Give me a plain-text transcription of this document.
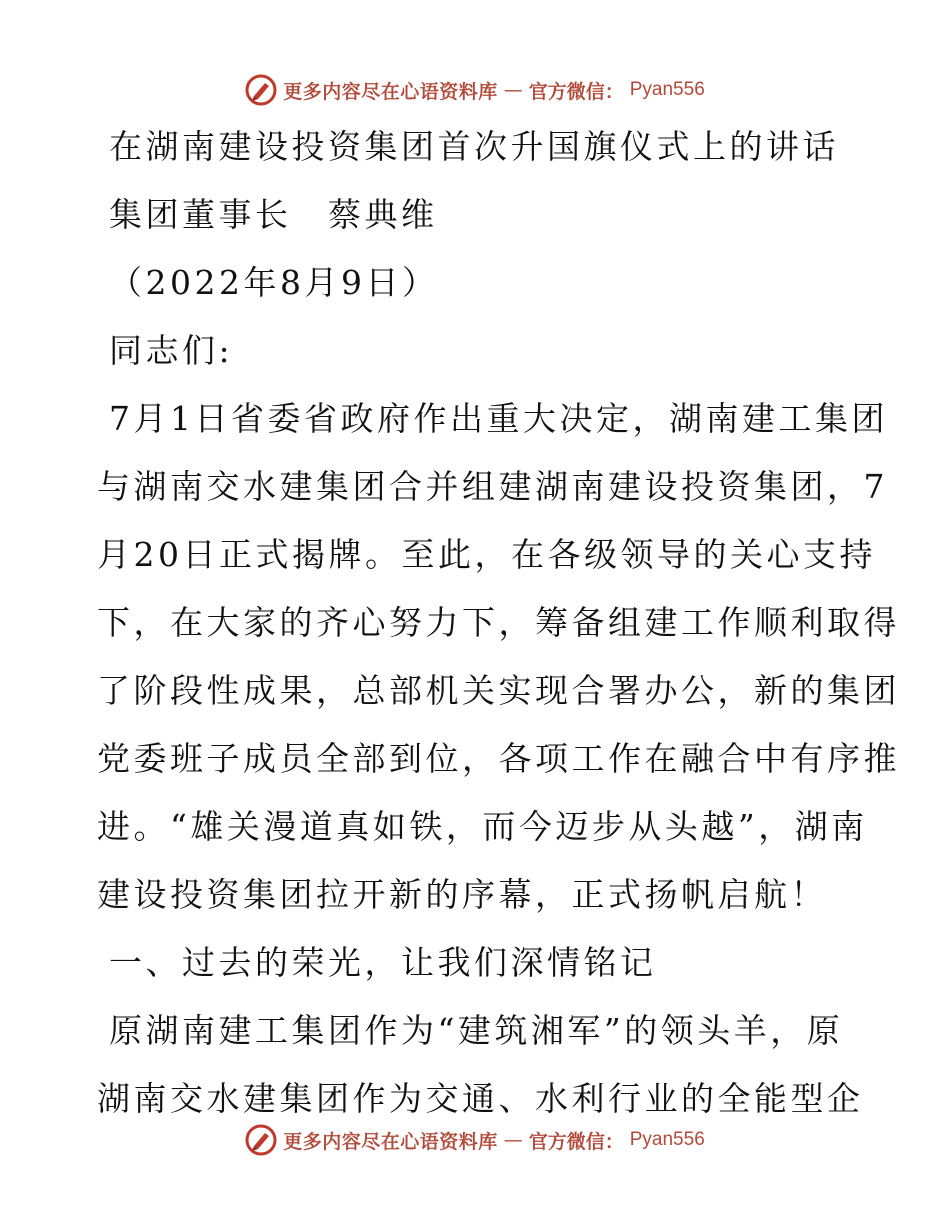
更多内容尽在心语资料库 — 官方微信： Pyan556
在湖南建设投资集团首次升国旗仪式上的讲话
集团董事长　蔡典维
（2022年8月9日）
同志们:
7月1日省委省政府作出重大决定，湖南建工集团
与湖南交水建集团合并组建湖南建设投资集团，7
月20日正式揭牌。至此，在各级领导的关心支持
下，在大家的齐心努力下，筹备组建工作顺利取得
了阶段性成果，总部机关实现合署办公，新的集团
党委班子成员全部到位，各项工作在融合中有序推
进。“雄关漫道真如铁，而今迈步从头越”，湖南
建设投资集团拉开新的序幕，正式扬帆启航！
一、过去的荣光，让我们深情铭记
原湖南建工集团作为“建筑湘军”的领头羊，原
湖南交水建集团作为交通、水利行业的全能型企
更多内容尽在心语资料库 — 官方微信： Pyan556
